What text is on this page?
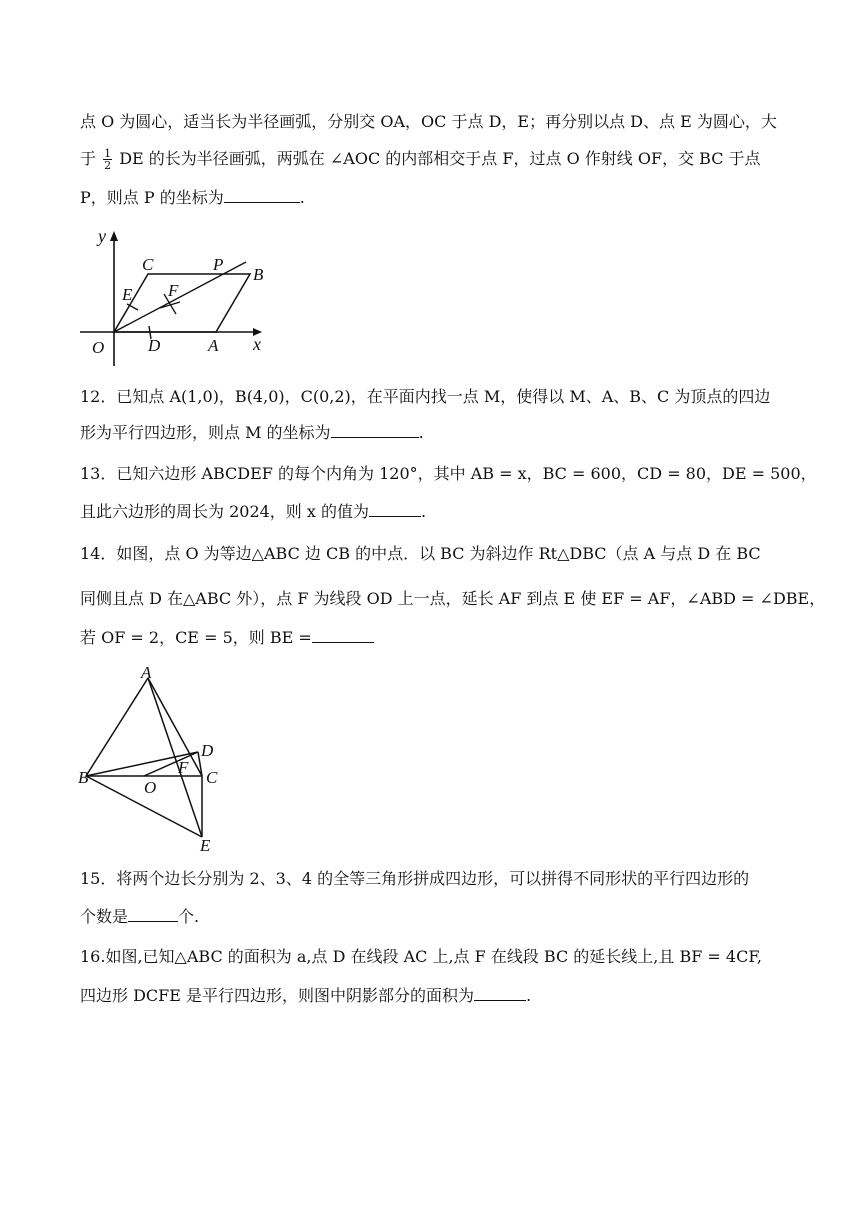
点 O 为圆心，适当长为半径画弧，分别交 OA，OC 于点 D，E；再分别以点 D、点 E 为圆心，大
于 $\frac{1}{2}$ DE 的长为半径画弧，两弧在 ∠AOC 的内部相交于点 F，过点 O 作射线 OF，交 BC 于点
P，则点 P 的坐标为	.
y
x
O	D	A
C	P
B
E F
12．已知点 A(1,0)，B(4,0)，C(0,2)，在平面内找一点 M，使得以 M、A、B、C 为顶点的四边
形为平行四边形，则点 M 的坐标为	.
13．已知六边形 ABCDEF 的每个内角为 120°，其中 AB = x，BC = 600，CD = 80，DE = 500，
且此六边形的周长为 2024，则 x 的值为	.
14．如图，点 O 为等边△ABC 边 CB 的中点．以 BC 为斜边作 Rt△DBC（点 A 与点 D 在 BC
同侧且点 D 在△ABC 外），点 F 为线段 OD 上一点，延长 AF 到点 E 使 EF = AF，∠ABD = ∠DBE，
若 OF = 2，CE = 5，则 BE =
A
B	C
D
E
F
O
15．将两个边长分别为 2、3、4 的全等三角形拼成四边形，可以拼得不同形状的平行四边形的
个数是	个.
16.如图,已知△ABC 的面积为 a,点 D 在线段 AC 上,点 F 在线段 BC 的延长线上,且 BF = 4CF,
四边形 DCFE 是平行四边形，则图中阴影部分的面积为	.
